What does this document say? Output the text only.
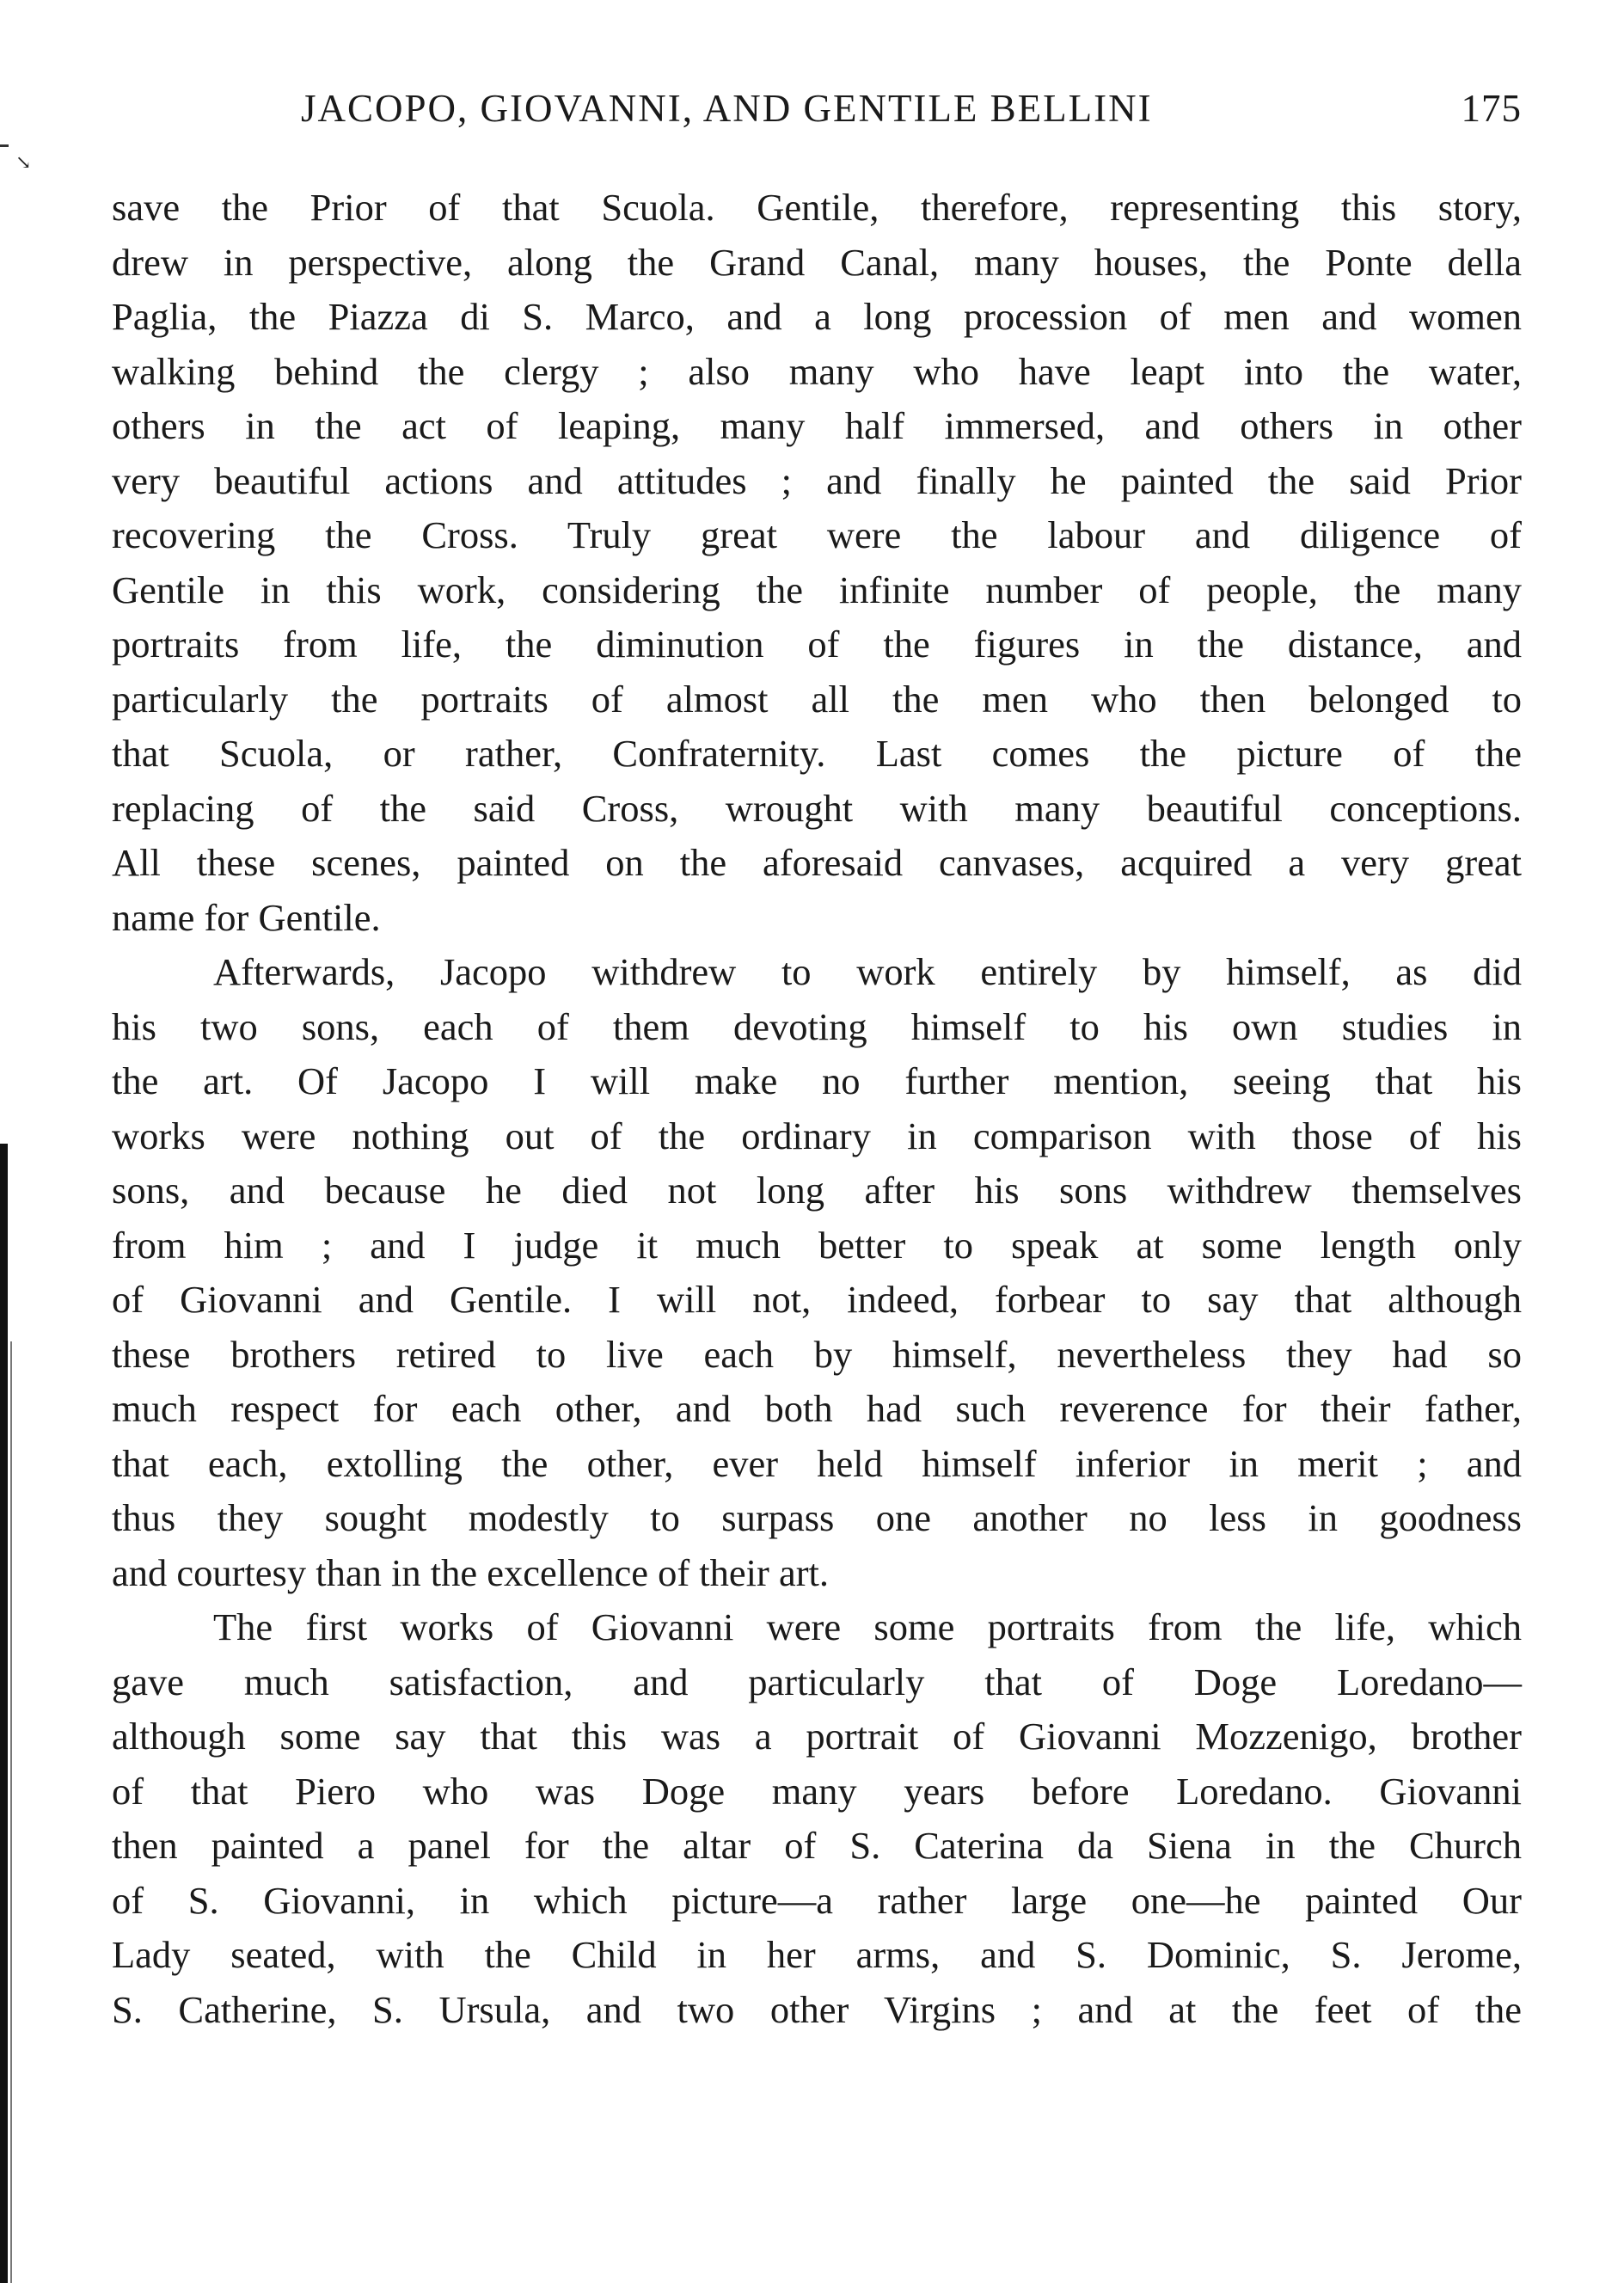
↘
JACOPO, GIOVANNI, AND GENTILE BELLINI	175
save the Prior of that Scuola. Gentile, therefore, representing this story,
drew in perspective, along the Grand Canal, many houses, the Ponte della
Paglia, the Piazza di S. Marco, and a long procession of men and women
walking behind the clergy ; also many who have leapt into the water,
others in the act of leaping, many half immersed, and others in other
very beautiful actions and attitudes ; and finally he painted the said Prior
recovering the Cross. Truly great were the labour and diligence of
Gentile in this work, considering the infinite number of people, the many
portraits from life, the diminution of the figures in the distance, and
particularly the portraits of almost all the men who then belonged to
that Scuola, or rather, Confraternity. Last comes the picture of the
replacing of the said Cross, wrought with many beautiful conceptions.
All these scenes, painted on the aforesaid canvases, acquired a very great
name for Gentile.
Afterwards, Jacopo withdrew to work entirely by himself, as did
his two sons, each of them devoting himself to his own studies in
the art. Of Jacopo I will make no further mention, seeing that his
works were nothing out of the ordinary in comparison with those of his
sons, and because he died not long after his sons withdrew themselves
from him ; and I judge it much better to speak at some length only
of Giovanni and Gentile. I will not, indeed, forbear to say that although
these brothers retired to live each by himself, nevertheless they had so
much respect for each other, and both had such reverence for their father,
that each, extolling the other, ever held himself inferior in merit ; and
thus they sought modestly to surpass one another no less in goodness
and courtesy than in the excellence of their art.
The first works of Giovanni were some portraits from the life, which
gave much satisfaction, and particularly that of Doge Loredano—
although some say that this was a portrait of Giovanni Mozzenigo, brother
of that Piero who was Doge many years before Loredano. Giovanni
then painted a panel for the altar of S. Caterina da Siena in the Church
of S. Giovanni, in which picture—a rather large one—he painted Our
Lady seated, with the Child in her arms, and S. Dominic, S. Jerome,
S. Catherine, S. Ursula, and two other Virgins ; and at the feet of the
